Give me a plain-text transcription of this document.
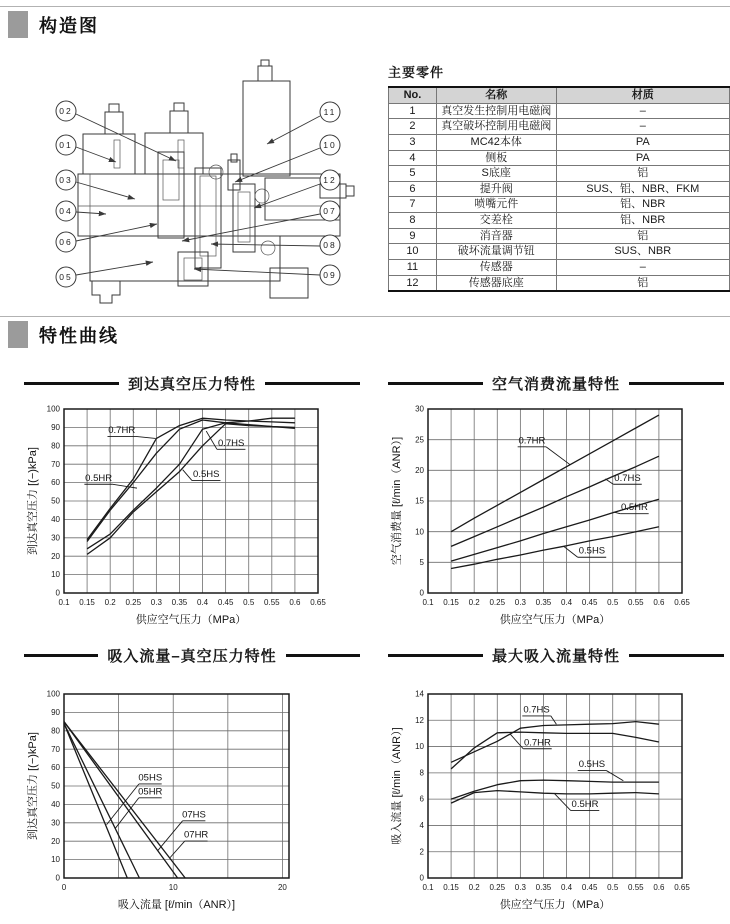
构造图
02
01
03
04
06
05
11
10
12
07
08
09
主要零件
No.	名称	材质
1	真空发生控制用电磁阀	–
2	真空破坏控制用电磁阀	–
3	MC42本体	PA
4	侧板	PA
5	S底座	铝
6	提升阀	SUS、铝、NBR、FKM
7	喷嘴元件	铝、NBR
8	交差栓	铝、NBR
9	消音器	铝
10	破坏流量调节钮	SUS、NBR
11	传感器	–
12	传感器底座	铝
特性曲线
到达真空压力特性
0.1 0.15 0.2 0.25 0.3 0.35 0.4 0.45 0.5 0.55 0.6 0.65
0
10
20
30
40
50
60
70
80
90
100
供应空气压力（MPa）
到达真空压力 [(−)kPa]
0.7HR
0.5HR
0.7HS
0.5HS
空气消费流量特性
0.1 0.15 0.2 0.25 0.3 0.35 0.4 0.45 0.5 0.55 0.6 0.65
0
5
10
15
20
25
30
供应空气压力（MPa）
空气消费量 [ℓ/min（ANR）]	0.7HR
0.7HS
0.5HR
0.5HS
吸入流量–真空压力特性
0	10	20
0
10
20
30
40
50
60
70
80
90
100
吸入流量 [ℓ/min（ANR）]
到达真空压力 [(−)kPa]	05HS
05HR
07HS
07HR
最大吸入流量特性
0.1 0.15 0.2 0.25 0.3 0.35 0.4 0.45 0.5 0.55 0.6 0.65
0
2
4
6
8
10
12
14
供应空气压力（MPa）
吸入流量 [ℓ/min（ANR）]
0.7HS
0.7HR
0.5HS
0.5HR
